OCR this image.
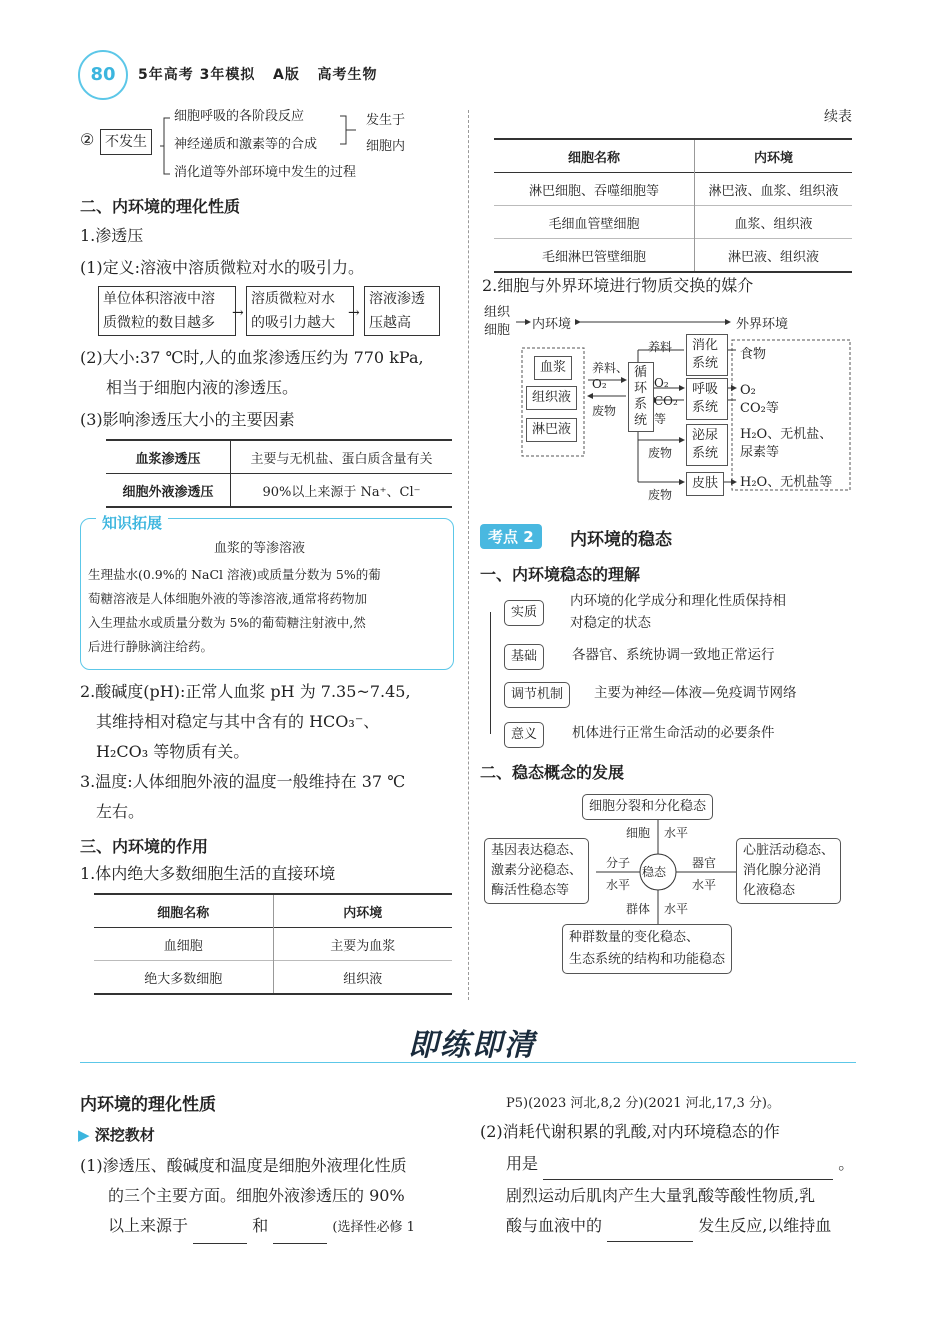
80	5年高考 3年模拟 A版 高考生物
② 不发生
细胞呼吸的各阶段反应
神经递质和激素等的合成
消化道等外部环境中发生的过程
发生于
细胞内
二、内环境的理化性质
1.渗透压
(1)定义:溶液中溶质微粒对水的吸引力。
单位体积溶液中溶
质微粒的数目越多
→
溶质微粒对水
的吸引力越大
→
溶液渗透
压越高
(2)大小:37 ℃时,人的血浆渗透压约为 770 kPa,
相当于细胞内液的渗透压。
(3)影响渗透压大小的主要因素
血浆渗透压	主要与无机盐、蛋白质含量有关
细胞外液渗透压	90%以上来源于 Na⁺、Cl⁻
知识拓展
血浆的等渗溶液
生理盐水(0.9%的 NaCl 溶液)或质量分数为 5%的葡
萄糖溶液是人体细胞外液的等渗溶液,通常将药物加
入生理盐水或质量分数为 5%的葡萄糖注射液中,然
后进行静脉滴注给药。
2.酸碱度(pH):正常人血浆 pH 为 7.35~7.45,
其维持相对稳定与其中含有的 HCO₃⁻、
H₂CO₃ 等物质有关。
3.温度:人体细胞外液的温度一般维持在 37 ℃
左右。
三、内环境的作用
1.体内绝大多数细胞生活的直接环境
细胞名称	内环境
血细胞	主要为血浆
绝大多数细胞	组织液
续表
细胞名称	内环境
淋巴细胞、吞噬细胞等	淋巴液、血浆、组织液
毛细血管壁细胞	血浆、组织液
毛细淋巴管壁细胞	淋巴液、组织液
2.细胞与外界环境进行物质交换的媒介
组织细胞	内环境	外界环境
血浆
组织液
淋巴液
循环系统
消化系统
呼吸系统
泌尿系统
皮肤
养料
养料、O₂
废物
O₂ CO₂等
废物
废物
食物
O₂
CO₂等
H₂O、无机盐、尿素等
H₂O、无机盐等
考点 2	内环境的稳态
一、内环境稳态的理解
实质
内环境的化学成分和理化性质保持相
对稳定的状态
基础	各器官、系统协调一致地正常运行
调节机制	主要为神经—体液—免疫调节网络
意义	机体进行正常生命活动的必要条件
二、稳态概念的发展
细胞分裂和分化稳态
细胞 水平
基因表达稳态、
激素分泌稳态、
酶活性稳态等
分子
水平
稳态
器官
水平
心脏活动稳态、
消化腺分泌消
化液稳态
群体 水平
种群数量的变化稳态、
生态系统的结构和功能稳态
即练即清
内环境的理化性质
▶ 深挖教材
(1)渗透压、酸碱度和温度是细胞外液理化性质
的三个主要方面。细胞外液渗透压的 90%
以上来源于	和	(选择性必修 1
P5)(2023 河北,8,2 分)(2021 河北,17,3 分)。
(2)消耗代谢积累的乳酸,对内环境稳态的作
用是	。
剧烈运动后肌肉产生大量乳酸等酸性物质,乳
酸与血液中的	发生反应,以维持血
